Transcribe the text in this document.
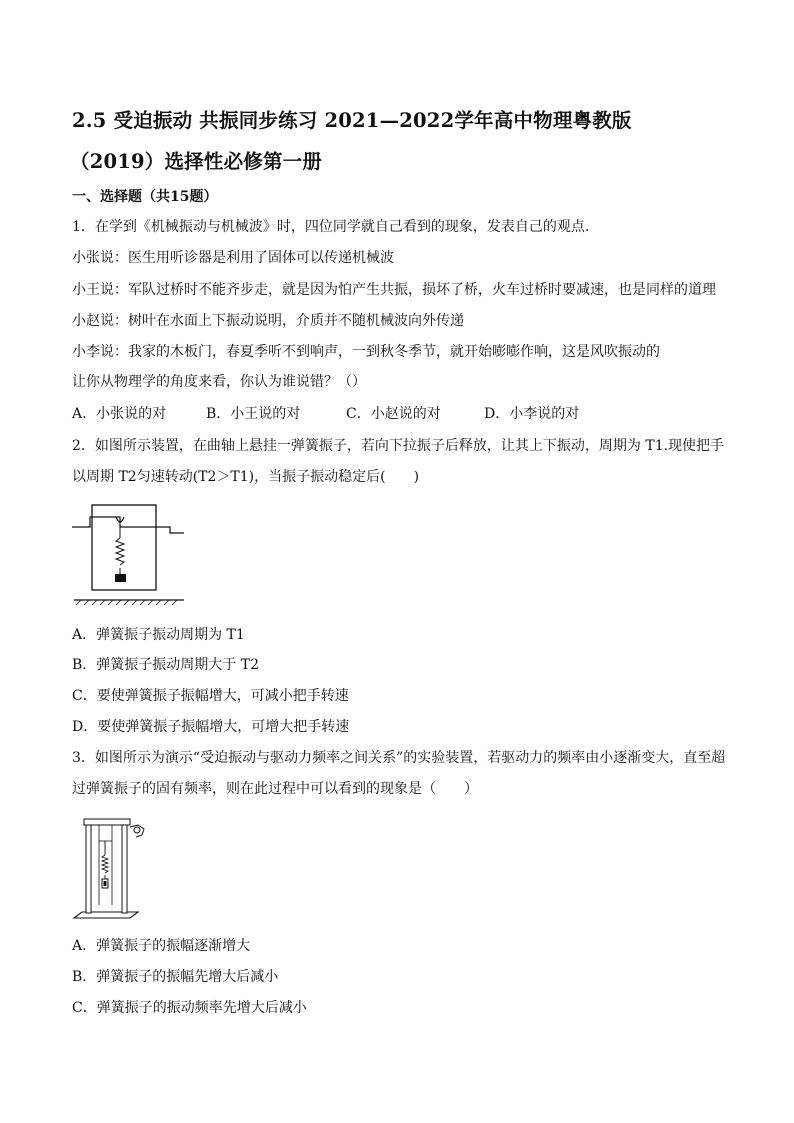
2.5 受迫振动 共振同步练习 2021—2022学年高中物理粤教版
（2019）选择性必修第一册
一、选择题（共15题）
1．在学到《机械振动与机械波》时，四位同学就自己看到的现象，发表自己的观点.
小张说：医生用听诊器是利用了固体可以传递机械波
小王说：军队过桥时不能齐步走，就是因为怕产生共振，损坏了桥，火车过桥时要减速，也是同样的道理
小赵说：树叶在水面上下振动说明，介质并不随机械波向外传递
小李说：我家的木板门，春夏季听不到响声，一到秋冬季节，就开始嘭嘭作响，这是风吹振动的
让你从物理学的角度来看，你认为谁说错？（）
A．小张说的对	B．小王说的对	C．小赵说的对	D．小李说的对
2．如图所示装置，在曲轴上悬挂一弹簧振子，若向下拉振子后释放，让其上下振动，周期为 T1.现使把手
以周期 T2匀速转动(T2＞T1)，当振子振动稳定后(　　)
A．弹簧振子振动周期为 T1
B．弹簧振子振动周期大于 T2
C．要使弹簧振子振幅增大，可减小把手转速
D．要使弹簧振子振幅增大，可增大把手转速
3．如图所示为演示“受迫振动与驱动力频率之间关系”的实验装置，若驱动力的频率由小逐渐变大，直至超
过弹簧振子的固有频率，则在此过程中可以看到的现象是（　　）
A．弹簧振子的振幅逐渐增大
B．弹簧振子的振幅先增大后减小
C．弹簧振子的振动频率先增大后减小
